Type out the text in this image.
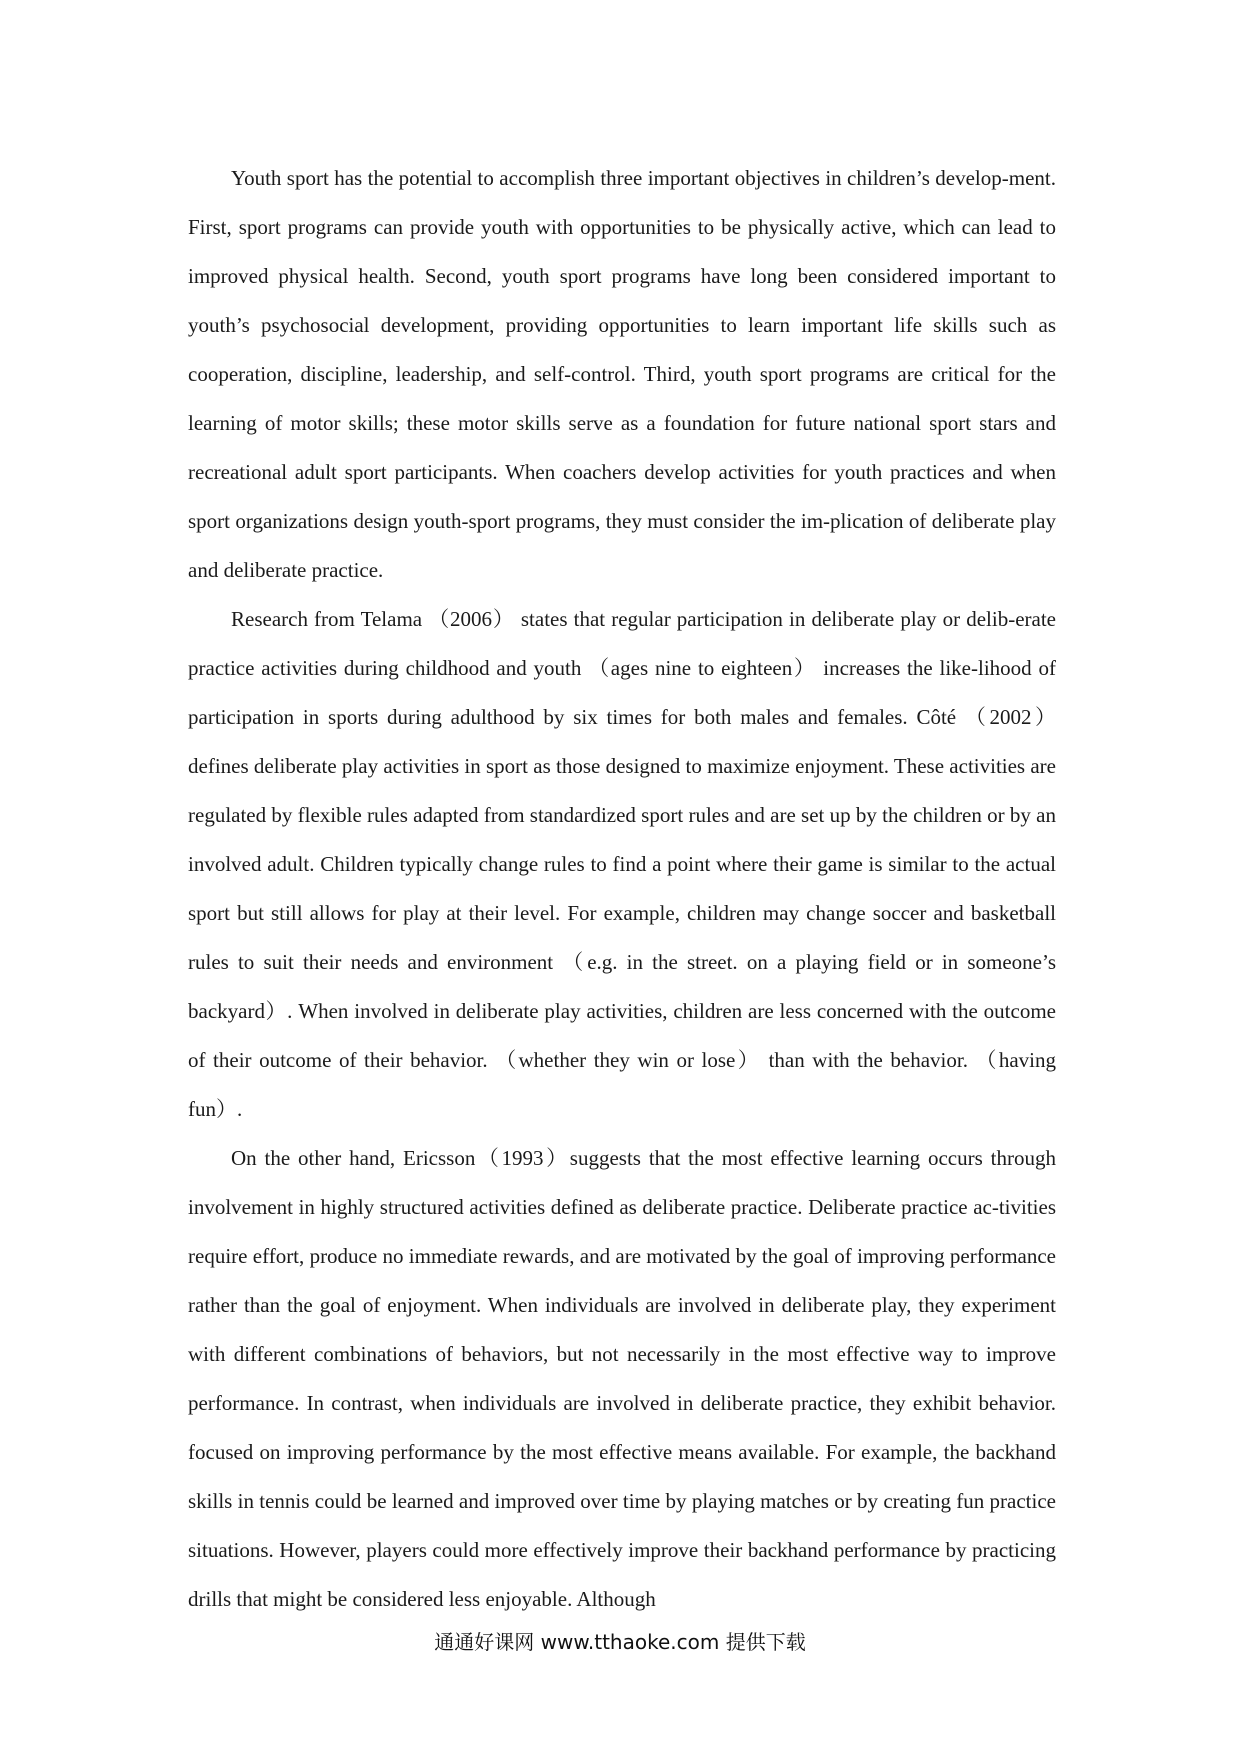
Youth sport has the potential to accomplish three important objectives in children’s develop-ment. First, sport programs can provide youth with opportunities to be physically active, which can lead to improved physical health. Second, youth sport programs have long been considered important to youth’s psychosocial development, providing opportunities to learn important life skills such as cooperation, discipline, leadership, and self-control. Third, youth sport programs are critical for the learning of motor skills; these motor skills serve as a foundation for future national sport stars and recreational adult sport participants. When coachers develop activities for youth practices and when sport organizations design youth-sport programs, they must consider the im-plication of deliberate play and deliberate practice.

Research from Telama （2006） states that regular participation in deliberate play or delib-erate practice activities during childhood and youth （ages nine to eighteen） increases the like-lihood of participation in sports during adulthood by six times for both males and females. Côté （2002） defines deliberate play activities in sport as those designed to maximize enjoyment. These activities are regulated by flexible rules adapted from standardized sport rules and are set up by the children or by an involved adult. Children typically change rules to find a point where their game is similar to the actual sport but still allows for play at their level. For example, children may change soccer and basketball rules to suit their needs and environment （e.g. in the street. on a playing field or in someone’s backyard）. When involved in deliberate play activities, children are less concerned with the outcome of their outcome of their behavior. （whether they win or lose） than with the behavior. （having fun）.

On the other hand, Ericsson（1993）suggests that the most effective learning occurs through involvement in highly structured activities defined as deliberate practice. Deliberate practice ac-tivities require effort, produce no immediate rewards, and are motivated by the goal of improving performance rather than the goal of enjoyment. When individuals are involved in deliberate play, they experiment with different combinations of behaviors, but not necessarily in the most effective way to improve performance. In contrast, when individuals are involved in deliberate practice, they exhibit behavior. focused on improving performance by the most effective means available. For example, the backhand skills in tennis could be learned and improved over time by playing matches or by creating fun practice situations. However, players could more effectively improve their backhand performance by practicing drills that might be considered less enjoyable. Although

通通好课网 www.tthaoke.com 提供下载
